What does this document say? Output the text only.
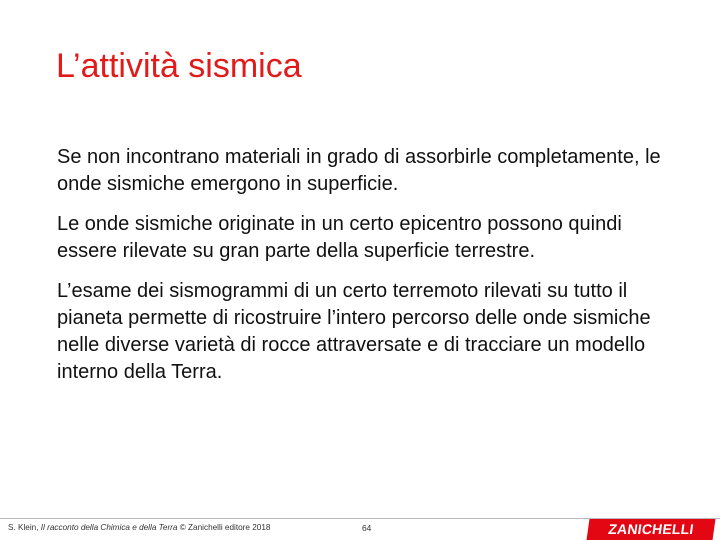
L’attività sismica

Se non incontrano materiali in grado di assorbirle completamente, le onde sismiche emergono in superficie.

Le onde sismiche originate in un certo epicentro possono quindi essere rilevate su gran parte della superficie terrestre.

L’esame dei sismogrammi di un certo terremoto rilevati su tutto il pianeta permette di ricostruire l’intero percorso delle onde sismiche nelle diverse varietà di rocce attraversate e di tracciare un modello interno della Terra.

S. Klein, Il racconto della Chimica e della Terra © Zanichelli editore 2018	64	ZANICHELLI
